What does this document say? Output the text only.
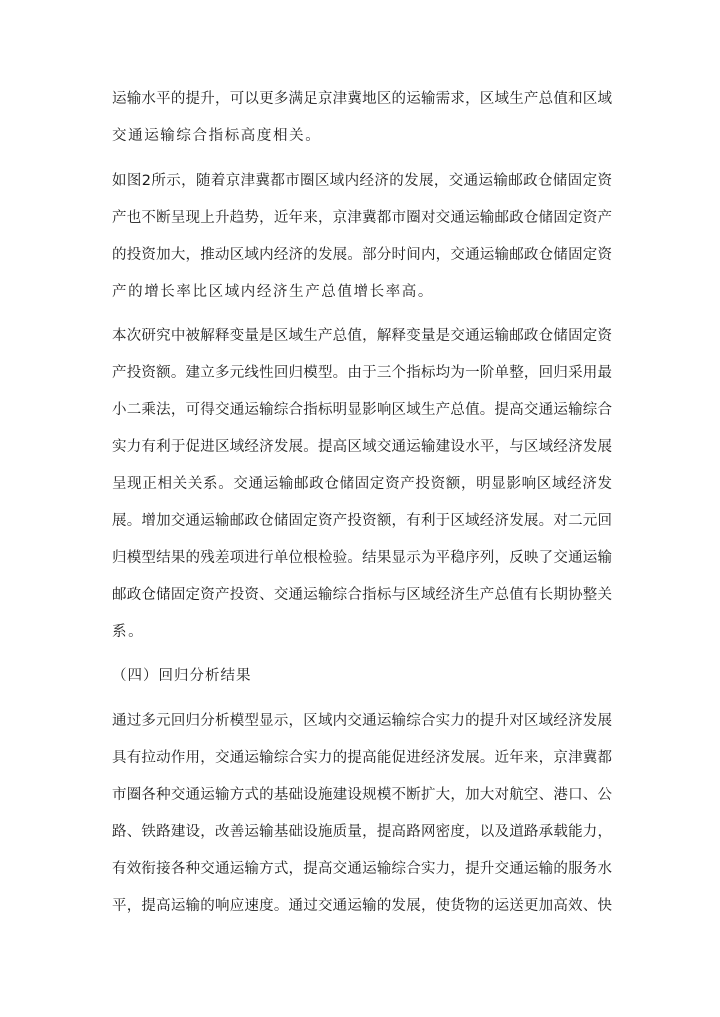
运输水平的提升，可以更多满足京津冀地区的运输需求，区域生产总值和区域
交通运输综合指标高度相关。
如图2所示，随着京津冀都市圈区域内经济的发展，交通运输邮政仓储固定资
产也不断呈现上升趋势，近年来，京津冀都市圈对交通运输邮政仓储固定资产
的投资加大，推动区域内经济的发展。部分时间内，交通运输邮政仓储固定资
产的增长率比区域内经济生产总值增长率高。
本次研究中被解释变量是区域生产总值，解释变量是交通运输邮政仓储固定资
产投资额。建立多元线性回归模型。由于三个指标均为一阶单整，回归采用最
小二乘法，可得交通运输综合指标明显影响区域生产总值。提高交通运输综合
实力有利于促进区域经济发展。提高区域交通运输建设水平，与区域经济发展
呈现正相关关系。交通运输邮政仓储固定资产投资额，明显影响区域经济发
展。增加交通运输邮政仓储固定资产投资额，有利于区域经济发展。对二元回
归模型结果的残差项进行单位根检验。结果显示为平稳序列，反映了交通运输
邮政仓储固定资产投资、交通运输综合指标与区域经济生产总值有长期协整关
系。
（四）回归分析结果
通过多元回归分析模型显示，区域内交通运输综合实力的提升对区域经济发展
具有拉动作用，交通运输综合实力的提高能促进经济发展。近年来，京津冀都
市圈各种交通运输方式的基础设施建设规模不断扩大，加大对航空、港口、公
路、铁路建设，改善运输基础设施质量，提高路网密度，以及道路承载能力，
有效衔接各种交通运输方式，提高交通运输综合实力，提升交通运输的服务水
平，提高运输的响应速度。通过交通运输的发展，使货物的运送更加高效、快
